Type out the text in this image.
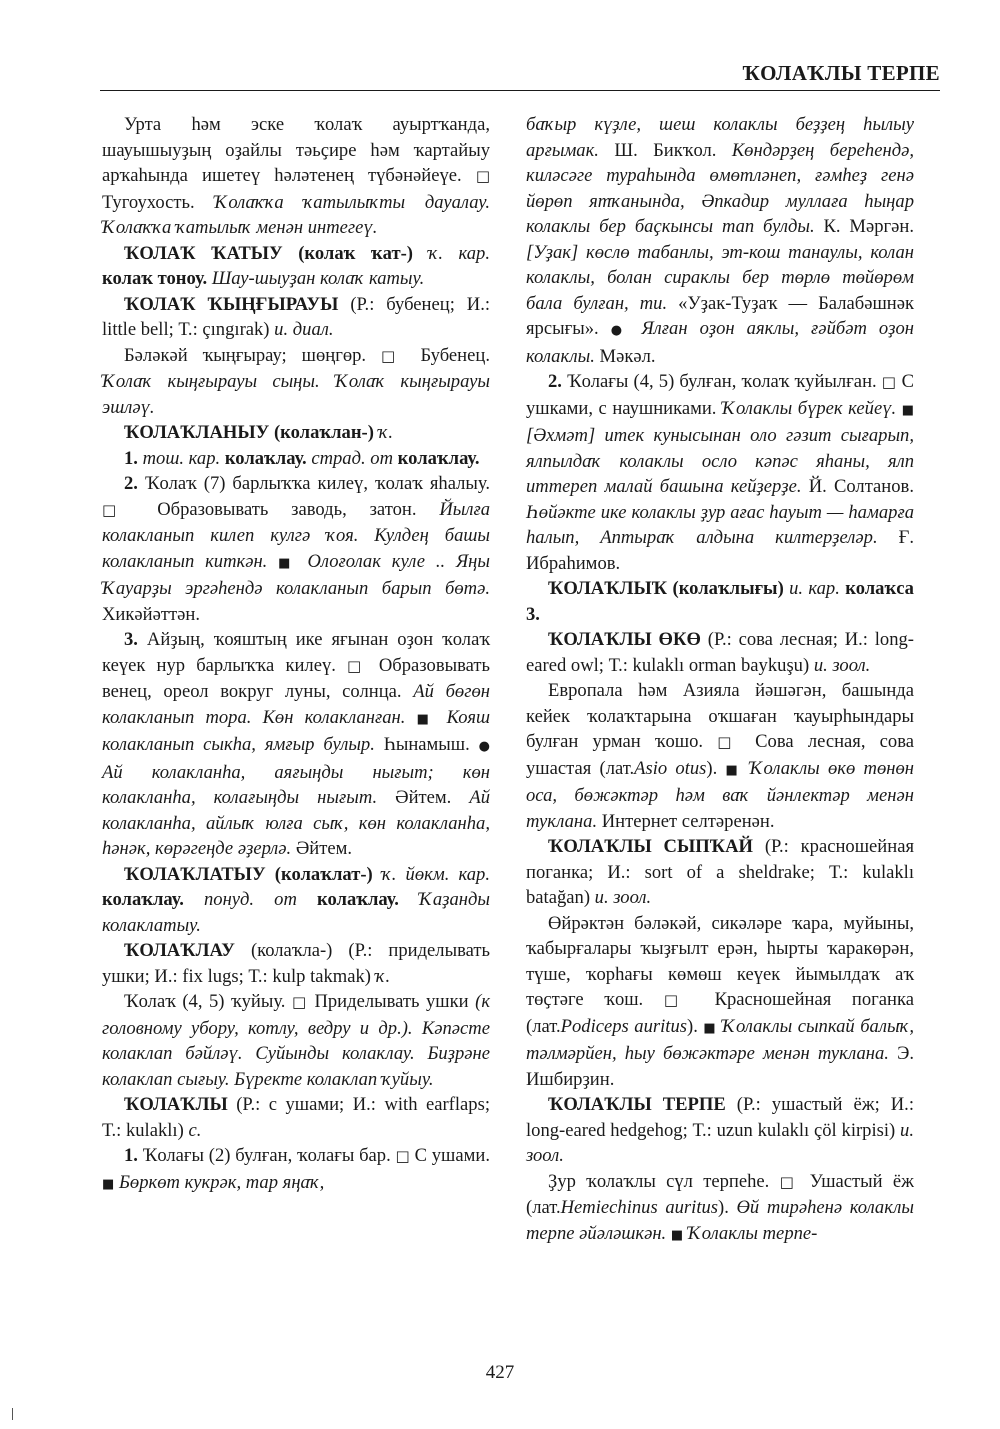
ҠОЛАҠЛЫ ТЕРПЕ

Урта һәм эске ҡолаҡ ауыртҡанда, шауышыуҙың оҙайлы тәьҫире һәм ҡартайыу арҡаһында ишетеү һәләтенең түбәнәйеүе. □ Тугоухость. Ҡолаҡҡа ҡатылыҡты дауалау. Ҡолаҡҡа ҡатылыҡ менән интегеү.

ҠОЛАҠ ҠАТЫУ (колаҡ ҡат-) ҡ. кар. колаҡ тоноу. Шау-шыуҙан колаҡ катыу.

ҠОЛАҠ ҠЫҢҒЫРАУЫ (Р.: бубенец; И.: little bell; Т.: çıngırak) и. диал.

Бәләкәй ҡыңғырау; шөңгөр. □ Бубенец. Ҡолаҡ кыңғырауы сыңы. Ҡолаҡ кыңғырауы эшләү.

ҠОЛАҠЛАНЫУ (колаҡлан-) ҡ.

1. тош. кар. колаҡлау. страд. от колаҡлау.

2. Ҡолаҡ (7) барлыҡҡа килеү, ҡолаҡ яһалыу. □ Образовывать заводь, затон. Йылға колакланып килеп кулгә ҡоя. Кулдең башы колакланып киткән. ■ Олоғолак куле .. Яңы Ҡауарҙы эргәһендә колакланып барып бөтә. Хикәйәттән.

3. Айҙың, ҡояштың ике яғынан оҙон ҡолаҡ кеүек нур барлыҡҡа килеү. □ Образовывать венец, ореол вокруг луны, солнца. Ай бөгөн колакланып тора. Көн колакланған. ■ Кояш колакланып сыкһа, ямғыр булыр. Һынамыш. ● Ай колакланһа, аяғыңды нығыт; көн колакланһа, колағыңды нығыт. Әйтем. Ай колакланһа, айлыҡ юлға сыҡ, көн колакланһа, һәнәк, көрәгеңде әҙерлә. Әйтем.

ҠОЛАҠЛАТЫУ (колаҡлат-) ҡ. йөкм. кар. колаҡлау. понуд. от колаҡлау. Ҡаҙанды колаклатыу.

ҠОЛАҠЛАУ (колаҡла-) (Р.: приделывать ушки; И.: fix lugs; Т.: kulp takmak) ҡ.

Ҡолаҡ (4, 5) ҡуйыу. □ Приделывать ушки (к головному убору, котлу, ведру и др.). Кәпәсте колаклап бәйләү. Суйынды колаклау. Биҙрәне колаклап сығыу. Бүректе колаклап ҡуйыу.

ҠОЛАҠЛЫ (Р.: с ушами; И.: with earflaps; Т.: kulaklı) с.

1. Ҡолағы (2) булған, ҡолағы бар. □ С ушами. ■ Бөркөт кукрәк, тар яңаҡ,

баҡыр күҙле, шеш колаклы беҙҙең һылыу арғымак. Ш. Бикҡол. Көндәрҙең береһендә, киләсәге тураһында өмөтләнеп, ғәмһеҙ генә йөрөп ятҡанында, Әпкадир муллаға һыңар колаклы бер баҫкынсы тап булды. К. Мәргән. [Уҙак] көслө табанлы, эт-кош танаулы, колан колаклы, болан сираклы бер төрлө төйөрөм бала булған, ти. «Уҙак-Туҙаҡ — Балабәшнәк ярсығы». ● Ялған оҙон аяклы, ғәйбәт оҙон колаклы. Мәкәл.

2. Ҡолағы (4, 5) булған, ҡолаҡ ҡуйылған. □ С ушками, с наушниками. Ҡолаклы бүрек кейеү. ■ [Әхмәт] итек кунысынан оло гәзит сығарып, ялпылдаҡ колаклы осло кәпәс яһаны, ялп иттереп малай башына кейҙерҙе. Й. Солтанов. Һөйәкте ике колаклы ҙур ағас һауыт — һамарға һалып, Аптыраҡ алдына килтерҙеләр. Ғ. Ибраһимов.

ҠОЛАҠЛЫҠ (колаҡлығы) и. кар. колаҡса 3.

ҠОЛАҠЛЫ ӨКӨ (Р.: сова лесная; И.: long-eared owl; Т.: kulaklı orman baykuşu) и. зоол.

Европала һәм Азияла йәшәгән, башында кейек ҡолаҡтарына оҡшаған ҡауырһындары булған урман ҡошо. □ Сова лесная, сова ушастая (лат.Asio otus). ■ Ҡолаклы өкө төнөн оса, бөжәктәр һәм ваҡ йәнлектәр менән туклана. Интернет селтәренән.

ҠОЛАҠЛЫ СЫПҠАЙ (Р.: красношейная поганка; И.: sort of a sheldrake; Т.: kulaklı batağan) и. зоол.

Өйрәктән бәләкәй, сикәләре ҡара, муйыны, ҡабырғалары ҡыҙғылт ерән, һырты ҡаракөрән, түше, ҡорһағы көмөш кеүек йымылдаҡ аҡ төҫтәге ҡош. □ Красношейная поганка (лат.Podiceps auritus). ■ Ҡолаклы сыпкай балыҡ, тәлмәрйен, һыу бөжәктәре менән туклана. Э. Ишбирҙин.

ҠОЛАҠЛЫ ТЕРПЕ (Р.: ушастый ёж; И.: long-eared hedgehog; Т.: uzun kulaklı çöl kirpisi) и. зоол.

Ҙур ҡолаҡлы сүл терпеһе. □ Ушастый ёж (лат.Hemiechinus auritus). Өй тирәһенә колаклы терпе әйәләшкән. ■ Ҡолаклы терпе-

427
